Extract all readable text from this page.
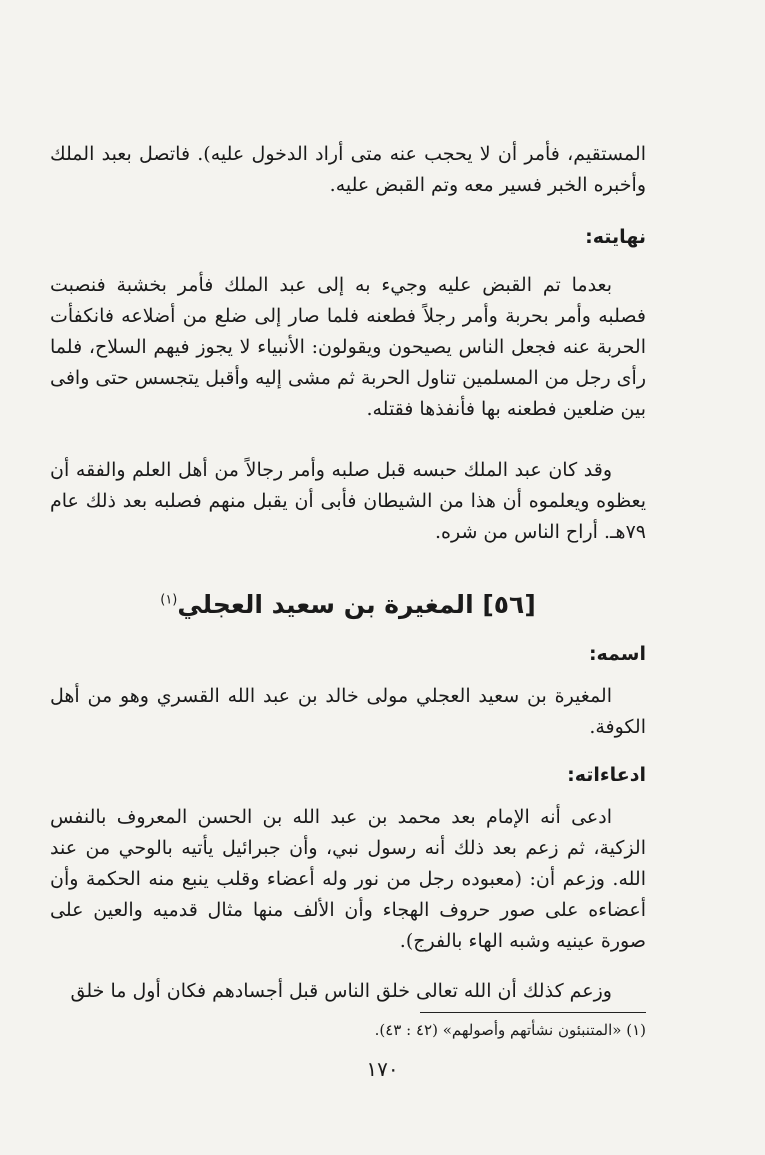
المستقيم، فأمر أن لا يحجب عنه متى أراد الدخول عليه). فاتصل بعبد الملك وأخبره الخبر فسير معه وتم القبض عليه.

نهايته:

بعدما تم القبض عليه وجيء به إلى عبد الملك فأمر بخشبة فنصبت فصلبه وأمر بحربة وأمر رجلاً فطعنه فلما صار إلى ضلع من أضلاعه فانكفأت الحربة عنه فجعل الناس يصيحون ويقولون: الأنبياء لا يجوز فيهم السلاح، فلما رأى رجل من المسلمين تناول الحربة ثم مشى إليه وأقبل يتجسس حتى وافى بين ضلعين فطعنه بها فأنفذها فقتله.

وقد كان عبد الملك حبسه قبل صلبه وأمر رجالاً من أهل العلم والفقه أن يعظوه ويعلموه أن هذا من الشيطان فأبى أن يقبل منهم فصلبه بعد ذلك عام ٧٩هـ. أراح الناس من شره.

[٥٦] المغيرة بن سعيد العجلي$^{(١)}$

اسمه:

المغيرة بن سعيد العجلي مولى خالد بن عبد الله القسري وهو من أهل الكوفة.

ادعاءاته:

ادعى أنه الإمام بعد محمد بن عبد الله بن الحسن المعروف بالنفس الزكية، ثم زعم بعد ذلك أنه رسول نبي، وأن جبرائيل يأتيه بالوحي من عند الله. وزعم أن: (معبوده رجل من نور وله أعضاء وقلب ينبع منه الحكمة وأن أعضاءه على صور حروف الهجاء وأن الألف منها مثال قدميه والعين على صورة عينيه وشبه الهاء بالفرج).

وزعم كذلك أن الله تعالى خلق الناس قبل أجسادهم فكان أول ما خلق

(١) «المتنبئون نشأتهم وأصولهم» (٤٢ : ٤٣).
١٧٠
